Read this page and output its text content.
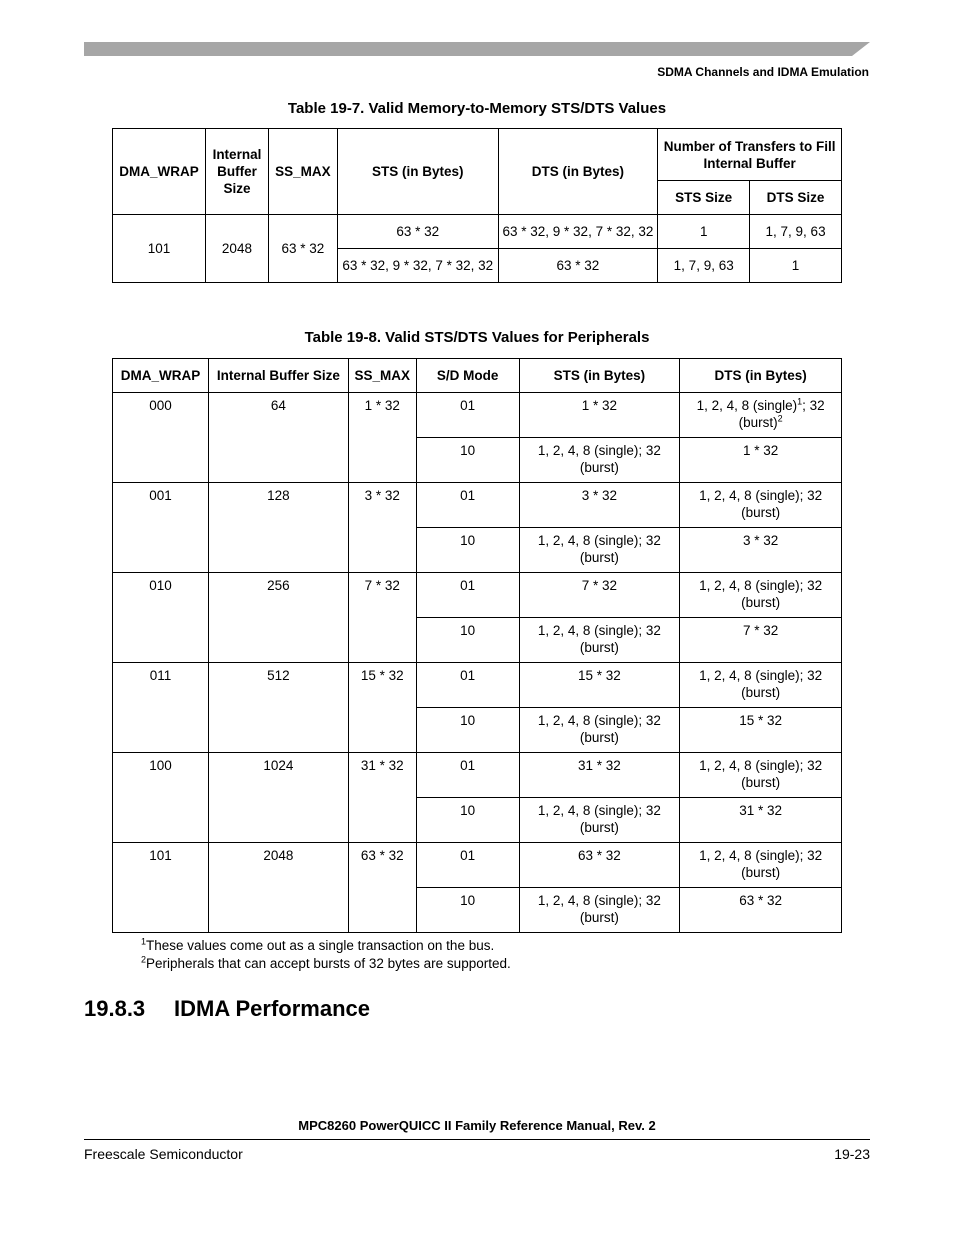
SDMA Channels and IDMA Emulation
Table 19-7. Valid Memory-to-Memory STS/DTS Values
DMA_WRAP	Internal Buffer Size	SS_MAX	STS (in Bytes)	DTS (in Bytes)	Number of Transfers to Fill Internal Buffer	
					STS Size	DTS Size
101	2048	63 * 32	63 * 32	63 * 32, 9 * 32, 7 * 32, 32	1	1, 7, 9, 63
			63 * 32, 9 * 32, 7 * 32, 32	63 * 32	1, 7, 9, 63	1
Table 19-8. Valid STS/DTS Values for Peripherals
DMA_WRAP	Internal Buffer Size	SS_MAX	S/D Mode	STS (in Bytes)	DTS (in Bytes)
000	64	1 * 32	01	1 * 32	1, 2, 4, 8 (single)$^1$; 32 (burst)$^2$
			10	1, 2, 4, 8 (single); 32 (burst)	1 * 32
001	128	3 * 32	01	3 * 32	1, 2, 4, 8 (single); 32 (burst)
			10	1, 2, 4, 8 (single); 32 (burst)	3 * 32
010	256	7 * 32	01	7 * 32	1, 2, 4, 8 (single); 32 (burst)
			10	1, 2, 4, 8 (single); 32 (burst)	7 * 32
011	512	15 * 32	01	15 * 32	1, 2, 4, 8 (single); 32 (burst)
			10	1, 2, 4, 8 (single); 32 (burst)	15 * 32
100	1024	31 * 32	01	31 * 32	1, 2, 4, 8 (single); 32 (burst)
			10	1, 2, 4, 8 (single); 32 (burst)	31 * 32
101	2048	63 * 32	01	63 * 32	1, 2, 4, 8 (single); 32 (burst)
			10	1, 2, 4, 8 (single); 32 (burst)	63 * 32
$^1$These values come out as a single transaction on the bus.
$^2$Peripherals that can accept bursts of 32 bytes are supported.
19.8.3 IDMA Performance
MPC8260 PowerQUICC II Family Reference Manual, Rev. 2
Freescale Semiconductor	19-23
